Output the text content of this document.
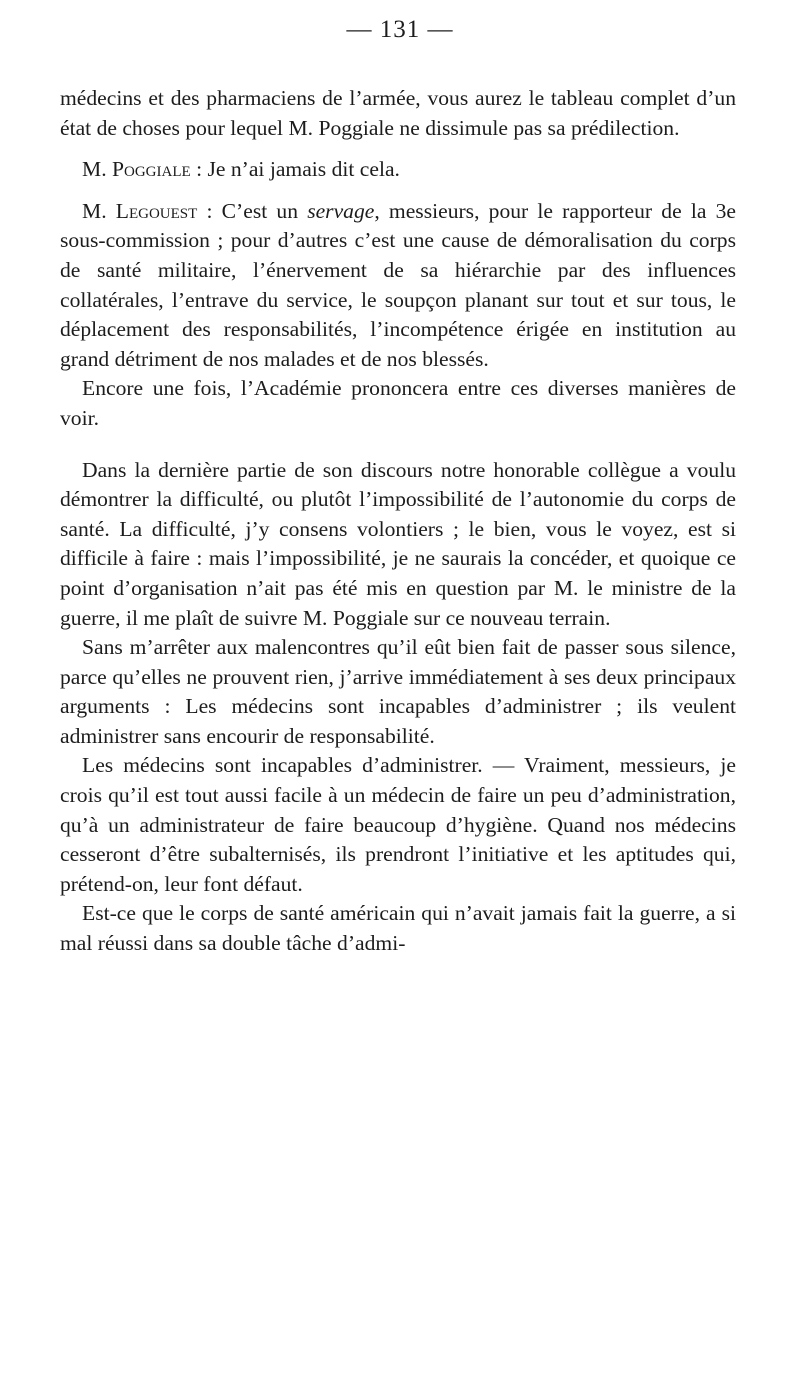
— 131 —

médecins et des pharmaciens de l’armée, vous aurez le tableau complet d’un état de choses pour lequel M. Poggiale ne dissimule pas sa prédilection.

M. Poggiale : Je n’ai jamais dit cela.

M. Legouest : C’est un servage, messieurs, pour le rapporteur de la 3e sous-commission ; pour d’autres c’est une cause de démoralisation du corps de santé militaire, l’énervement de sa hiérarchie par des influences collatérales, l’entrave du service, le soupçon planant sur tout et sur tous, le déplacement des responsabilités, l’incompétence érigée en institution au grand détriment de nos malades et de nos blessés.

Encore une fois, l’Académie prononcera entre ces diverses manières de voir.

Dans la dernière partie de son discours notre honorable collègue a voulu démontrer la difficulté, ou plutôt l’impossibilité de l’autonomie du corps de santé. La difficulté, j’y consens volontiers ; le bien, vous le voyez, est si difficile à faire : mais l’impossibilité, je ne saurais la concéder, et quoique ce point d’organisation n’ait pas été mis en question par M. le ministre de la guerre, il me plaît de suivre M. Poggiale sur ce nouveau terrain.

Sans m’arrêter aux malencontres qu’il eût bien fait de passer sous silence, parce qu’elles ne prouvent rien, j’arrive immédiatement à ses deux principaux arguments : Les médecins sont incapables d’administrer ; ils veulent administrer sans encourir de responsabilité.

Les médecins sont incapables d’administrer. — Vraiment, messieurs, je crois qu’il est tout aussi facile à un médecin de faire un peu d’administration, qu’à un administrateur de faire beaucoup d’hygiène. Quand nos médecins cesseront d’être subalternisés, ils prendront l’initiative et les aptitudes qui, prétend-on, leur font défaut.

Est-ce que le corps de santé américain qui n’avait jamais fait la guerre, a si mal réussi dans sa double tâche d’admi-
